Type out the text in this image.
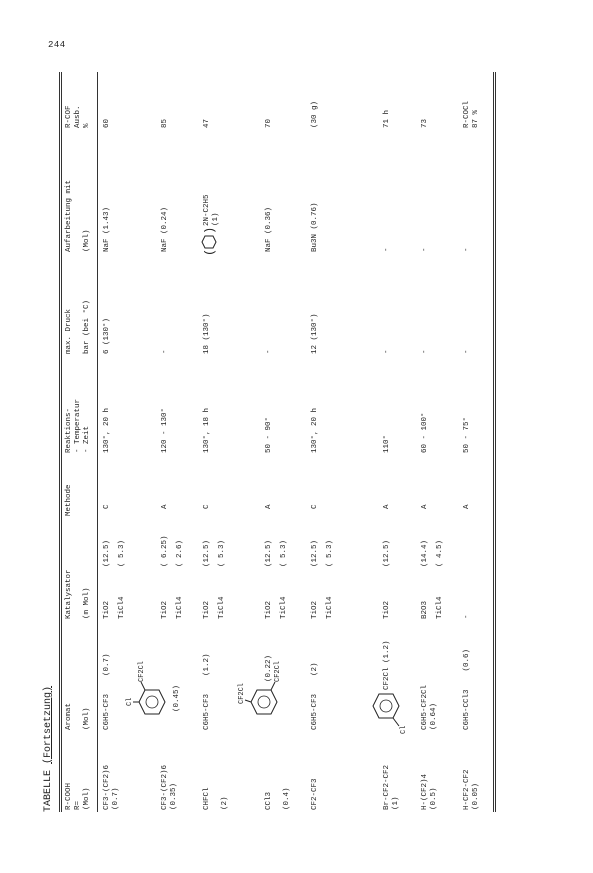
244
TABELLE (Fortsetzung)
R-COOH
R=
(Mol)
Aromat

(Mol)
Katalysator

(m Mol)
Methode
Reaktions-
- Temperatur
- Zeit
max. Druck

bar (bei °C)
Aufarbeitung mit

(Mol)
R-COF
Ausb.
%
CF3-(CF2)6
(0.7)
C6H5-CF3    (0.7)
TiO2
(12.5)
TiCl4
( 5.3)
C
130°, 20 h
6 (130°)
NaF (1.43)
60
CF3-(CF2)6
(0.35)
Cl
CF2Cl
(0.45)
TiO2
( 6.25)
TiCl4
( 2.6)
A
120 - 130°
-
NaF (0.24)
85
CHFCl

(2)
C6H5-CF3    (1.2)
TiO2
(12.5)
TiCl4
( 5.3)
C
130°, 18 h
18 (130°)
(
)
2N-C2H5
(1)
47
CCl3

(0.4)
CF2Cl
CF2Cl
(0.22)
TiO2
(12.5)
TiCl4
( 5.3)
A
50 - 90°
-
NaF (0.36)
70
CF2-CF3
C6H5-CF3    (2)
TiO2
(12.5)
TiCl4
( 5.3)
C
130°, 20 h
12 (130°)
Bu3N (0.76)
(30 g)
Br-CF2-CF2
(1)
Cl
CF2Cl (1.2)
TiO2
(12.5)
A
110°
-
-
71 h
H-(CF2)4
(0.5)
C6H5-CF2Cl
(0.64)
B2O3
(14.4)
TiCl4
( 4.5)
A
60 - 100°
-
-
73
H-CF2-CF2
(0.05)
C6H5-CCl3    (0.6)
-
A
50 - 75°
-
-
R-COCl
87 %
